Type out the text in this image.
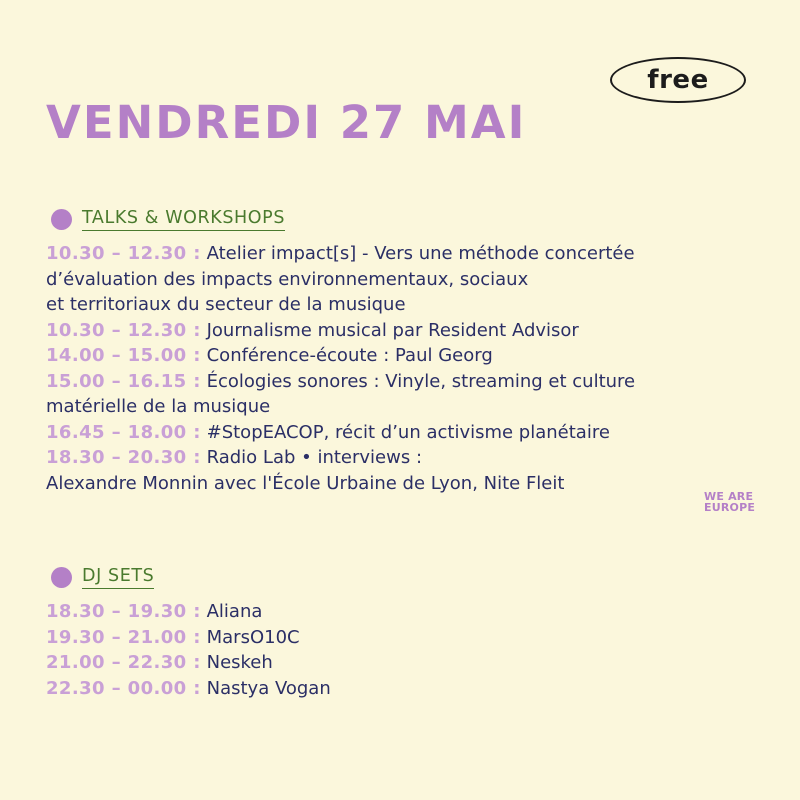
free
VENDREDI 27 MAI
TALKS & WORKSHOPS
10.30 – 12.30 : Atelier impact[s] - Vers une méthode concertée
d’évaluation des impacts environnementaux, sociaux
et territoriaux du secteur de la musique
10.30 – 12.30 : Journalisme musical par Resident Advisor
14.00 – 15.00 : Conférence-écoute : Paul Georg
15.00 – 16.15 : Écologies sonores : Vinyle, streaming et culture
matérielle de la musique
16.45 – 18.00 : #StopEACOP, récit d’un activisme planétaire
18.30 – 20.30 : Radio Lab • interviews :
Alexandre Monnin avec l'École Urbaine de Lyon, Nite Fleit
WE ARE
EUROPE
DJ SETS
18.30 – 19.30 : Aliana
19.30 – 21.00 : MarsO10C
21.00 – 22.30 : Neskeh
22.30 – 00.00 : Nastya Vogan
